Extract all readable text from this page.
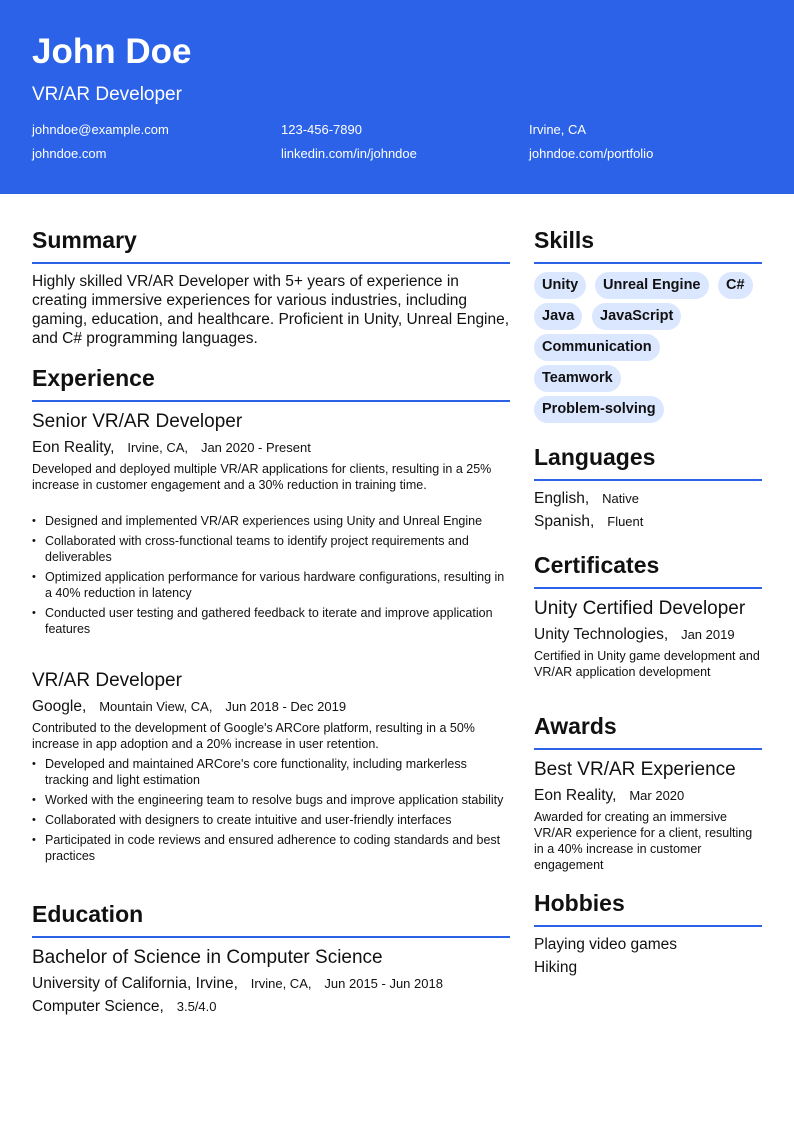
John Doe
VR/AR Developer
johndoe@example.com	123-456-7890	Irvine, CA
johndoe.com	linkedin.com/in/johndoe	johndoe.com/portfolio
Summary
Highly skilled VR/AR Developer with 5+ years of experience in creating immersive experiences for various industries, including gaming, education, and healthcare. Proficient in Unity, Unreal Engine, and C# programming languages.
Experience
Senior VR/AR Developer
Eon Reality, Irvine, CA, Jan 2020 - Present
Developed and deployed multiple VR/AR applications for clients, resulting in a 25% increase in customer engagement and a 30% reduction in training time.
• Designed and implemented VR/AR experiences using Unity and Unreal Engine
• Collaborated with cross-functional teams to identify project requirements and deliverables
• Optimized application performance for various hardware configurations, resulting in a 40% reduction in latency
• Conducted user testing and gathered feedback to iterate and improve application features
VR/AR Developer
Google, Mountain View, CA, Jun 2018 - Dec 2019
Contributed to the development of Google's ARCore platform, resulting in a 50% increase in app adoption and a 20% increase in user retention.
• Developed and maintained ARCore's core functionality, including markerless tracking and light estimation
• Worked with the engineering team to resolve bugs and improve application stability
• Collaborated with designers to create intuitive and user-friendly interfaces
• Participated in code reviews and ensured adherence to coding standards and best practices
Education
Bachelor of Science in Computer Science
University of California, Irvine, Irvine, CA, Jun 2015 - Jun 2018
Computer Science, 3.5/4.0
Skills
Unity	Unreal Engine	C#
Java	JavaScript
Communication
Teamwork
Problem-solving
Languages
English, Native
Spanish, Fluent
Certificates
Unity Certified Developer
Unity Technologies, Jan 2019
Certified in Unity game development and VR/AR application development
Awards
Best VR/AR Experience
Eon Reality, Mar 2020
Awarded for creating an immersive VR/AR experience for a client, resulting in a 40% increase in customer engagement
Hobbies
Playing video games
Hiking
